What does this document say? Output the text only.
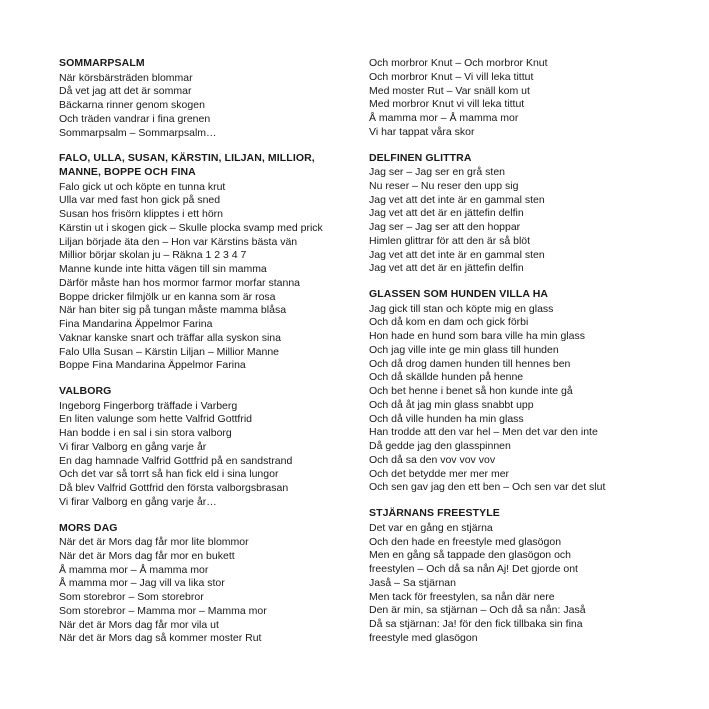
SOMMARPSALM
När körsbärsträden blommar
Då vet jag att det är sommar
Bäckarna rinner genom skogen
Och träden vandrar i fina grenen
Sommarpsalm – Sommarpsalm…
FALO, ULLA, SUSAN, KÄRSTIN, LILJAN, MILLIOR,
MANNE, BOPPE OCH FINA
Falo gick ut och köpte en tunna krut
Ulla var med fast hon gick på sned
Susan hos frisörn klipptes i ett hörn
Kärstin ut i skogen gick – Skulle plocka svamp med prick
Liljan började äta den – Hon var Kärstins bästa vän
Millior börjar skolan ju – Räkna 1 2 3 4 7
Manne kunde inte hitta vägen till sin mamma
Därför måste han hos mormor farmor morfar stanna
Boppe dricker filmjölk ur en kanna som är rosa
När han biter sig på tungan måste mamma blåsa
Fina Mandarina Äppelmor Farina
Vaknar kanske snart och träffar alla syskon sina
Falo Ulla Susan – Kärstin Liljan – Millior Manne
Boppe Fina Mandarina Äppelmor Farina
VALBORG
Ingeborg Fingerborg träffade i Varberg
En liten valunge som hette Valfrid Gottfrid
Han bodde i en sal i sin stora valborg
Vi firar Valborg en gång varje år
En dag hamnade Valfrid Gottfrid på en sandstrand
Och det var så torrt så han fick eld i sina lungor
Då blev Valfrid Gottfrid den första valborgsbrasan
Vi firar Valborg en gång varje år…
MORS DAG
När det är Mors dag får mor lite blommor
När det är Mors dag får mor en bukett
Å mamma mor – Å mamma mor
Å mamma mor – Jag vill va lika stor
Som storebror – Som storebror
Som storebror – Mamma mor – Mamma mor
När det är Mors dag får mor vila ut
När det är Mors dag så kommer moster Rut
Och morbror Knut – Och morbror Knut
Och morbror Knut – Vi vill leka tittut
Med moster Rut – Var snäll kom ut
Med morbror Knut vi vill leka tittut
Å mamma mor – Å mamma mor
Vi har tappat våra skor
DELFINEN GLITTRA
Jag ser – Jag ser en grå sten
Nu reser – Nu reser den upp sig
Jag vet att det inte är en gammal sten
Jag vet att det är en jättefin delfin
Jag ser – Jag ser att den hoppar
Himlen glittrar för att den är så blöt
Jag vet att det inte är en gammal sten
Jag vet att det är en jättefin delfin
GLASSEN SOM HUNDEN VILLA HA
Jag gick till stan och köpte mig en glass
Och då kom en dam och gick förbi
Hon hade en hund som bara ville ha min glass
Och jag ville inte ge min glass till hunden
Och då drog damen hunden till hennes ben
Och då skällde hunden på henne
Och bet henne i benet så hon kunde inte gå
Och då åt jag min glass snabbt upp
Och då ville hunden ha min glass
Han trodde att den var hel – Men det var den inte
Då gedde jag den glasspinnen
Och då sa den vov vov vov
Och det betydde mer mer mer
Och sen gav jag den ett ben – Och sen var det slut
STJÄRNANS FREESTYLE
Det var en gång en stjärna
Och den hade en freestyle med glasögon
Men en gång så tappade den glasögon och
freestylen – Och då sa nån Aj! Det gjorde ont
Jaså – Sa stjärnan
Men tack för freestylen, sa nån där nere
Den är min, sa stjärnan – Och då sa nån: Jaså
Då sa stjärnan: Ja! för den fick tillbaka sin fina
freestyle med glasögon
